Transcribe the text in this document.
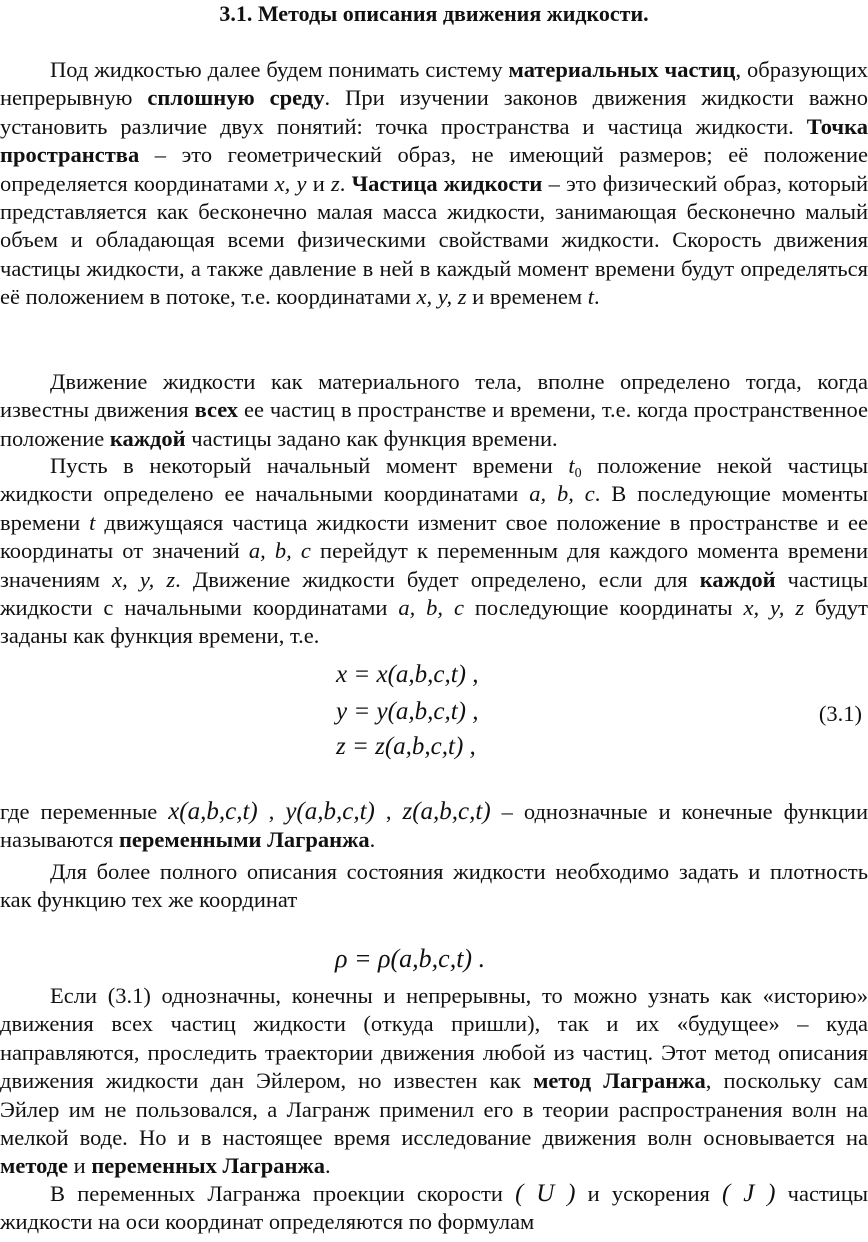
3.1. Методы описания движения жидкости.
Под жидкостью далее будем понимать систему материальных частиц, образующих непрерывную сплошную среду. При изучении законов движения жидкости важно установить различие двух понятий: точка пространства и частица жидкости. Точка пространства – это геометрический образ, не имеющий размеров; её положение определяется координатами x, y и z. Частица жидкости – это физический образ, который представляется как бесконечно малая масса жидкости, занимающая бесконечно малый объем и обладающая всеми физическими свойствами жидкости. Скорость движения частицы жидкости, а также давление в ней в каждый момент времени будут определяться её положением в потоке, т.е. координатами x, y, z и временем t.
Движение жидкости как материального тела, вполне определено тогда, когда известны движения всех ее частиц в пространстве и времени, т.е. когда пространственное положение каждой частицы задано как функция времени.
Пусть в некоторый начальный момент времени $t_0$ положение некой частицы жидкости определено ее начальными координатами a, b, c. В последующие моменты времени t движущаяся частица жидкости изменит свое положение в пространстве и ее координаты от значений a, b, c перейдут к переменным для каждого момента времени значениям x, y, z. Движение жидкости будет определено, если для каждой частицы жидкости с начальными координатами a, b, c последующие координаты x, y, z будут заданы как функция времени, т.е.
x = x(a,b,c,t) ,
y = y(a,b,c,t) ,
z = z(a,b,c,t) ,
(3.1)
где переменные x(a,b,c,t) , y(a,b,c,t) , z(a,b,c,t) – однозначные и конечные функции называются переменными Лагранжа.
Для более полного описания состояния жидкости необходимо задать и плотность как функцию тех же координат
ρ = ρ(a,b,c,t) .
Если (3.1) однозначны, конечны и непрерывны, то можно узнать как «историю» движения всех частиц жидкости (откуда пришли), так и их «будущее» – куда направляются, проследить траектории движения любой из частиц. Этот метод описания движения жидкости дан Эйлером, но известен как метод Лагранжа, поскольку сам Эйлер им не пользовался, а Лагранж применил его в теории распространения волн на мелкой воде. Но и в настоящее время исследование движения волн основывается на методе и переменных Лагранжа.
В переменных Лагранжа проекции скорости ( U ) и ускорения ( J ) частицы жидкости на оси координат определяются по формулам
